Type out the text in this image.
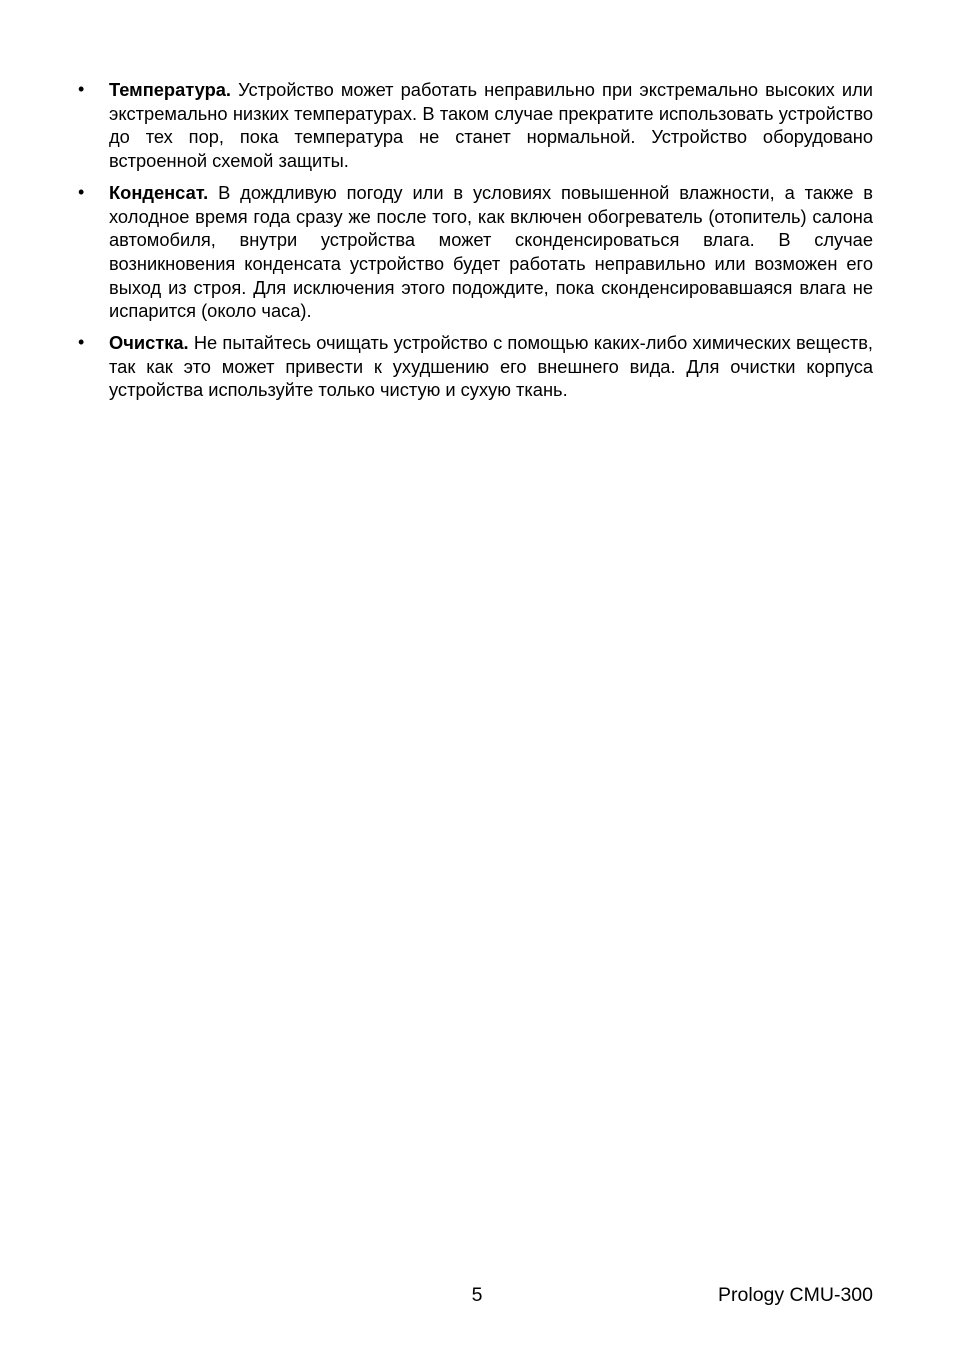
• Температура. Устройство может работать неправильно при экстремально высоких или экстремально низких температурах. В таком случае прекратите использовать устройство до тех пор, пока температура не станет нормальной. Устройство оборудовано встроенной схемой защиты.

• Конденсат. В дождливую погоду или в условиях повышенной влажности, а также в холодное время года сразу же после того, как включен обогреватель (отопитель) салона автомобиля, внутри устройства может сконденсироваться влага. В случае возникновения конденсата устройство будет работать неправильно или возможен его выход из строя. Для исключения этого подождите, пока сконденсировавшаяся влага не испарится (около часа).

• Очистка. Не пытайтесь очищать устройство с помощью каких-либо химических веществ, так как это может привести к ухудшению его внешнего вида. Для очистки корпуса устройства используйте только чистую и сухую ткань.

5	Prology CMU-300
